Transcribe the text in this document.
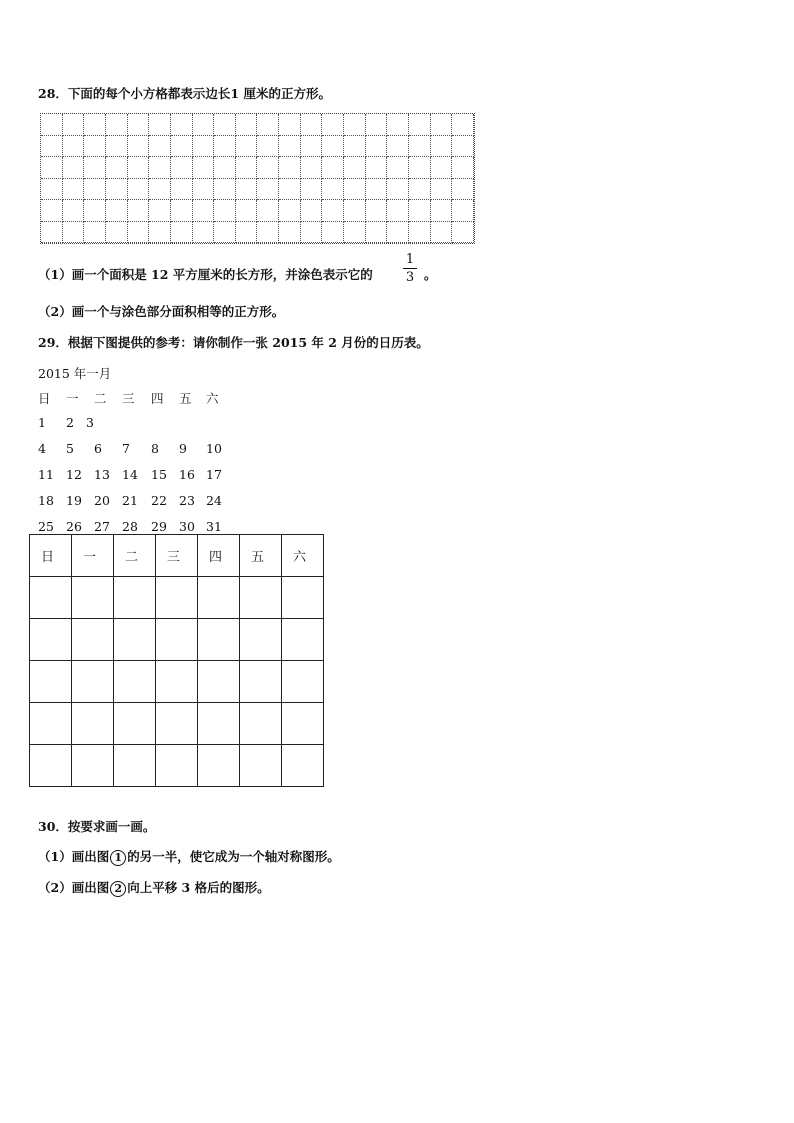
28．下面的每个小方格都表示边长1 厘米的正方形。
（1）画一个面积是 12 平方厘米的长方形，并涂色表示它的
1
3 。
（2）画一个与涂色部分面积相等的正方形。
29．根据下图提供的参考：请你制作一张 2015 年 2 月份的日历表。
2015 年一月
日 一 二 三 四 五 六
1 2 3
4 5 6 7 8 9 10
11 12 13 14 15 16 17
18 19 20 21 22 23 24
25 26 27 28 29 30 31
日	一	二	三	四	五	六

30．按要求画一画。
（1）画出图 1 的另一半，使它成为一个轴对称图形。
（2）画出图 2 向上平移 3 格后的图形。
